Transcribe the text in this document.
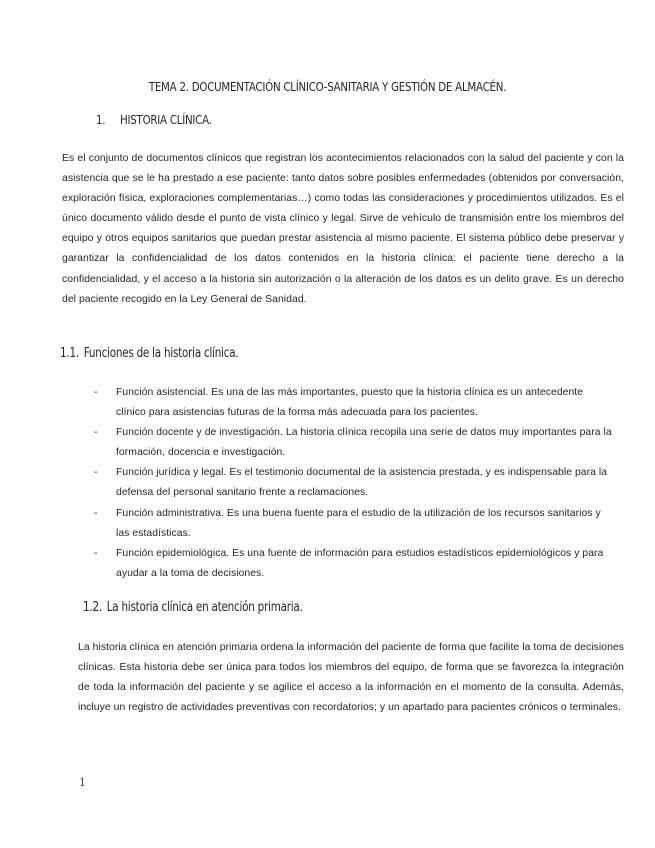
TEMA 2. DOCUMENTACIÓN CLÍNICO-SANITARIA Y GESTIÓN DE ALMACÉN.
1. HISTORIA CLÍNICA.

Es el conjunto de documentos clínicos que registran los acontecimientos relacionados con la salud del paciente y con la asistencia que se le ha prestado a ese paciente: tanto datos sobre posibles enfermedades (obtenidos por conversación, exploración física, exploraciones complementarias…) como todas las consideraciones y procedimientos utilizados. Es el único documento válido desde el punto de vista clínico y legal. Sirve de vehículo de transmisión entre los miembros del equipo y otros equipos sanitarios que puedan prestar asistencia al mismo paciente. El sistema público debe preservar y garantizar la confidencialidad de los datos contenidos en la historia clínica: el paciente tiene derecho a la confidencialidad, y el acceso a la historia sin autorización o la alteración de los datos es un delito grave. Es un derecho del paciente recogido en la Ley General de Sanidad.

1.1. Funciones de la historia clínica.
- Función asistencial. Es una de las más importantes, puesto que la historia clínica es un antecedente clínico para asistencias futuras de la forma más adecuada para los pacientes.
- Función docente y de investigación. La historia clínica recopila una serie de datos muy importantes para la formación, docencia e investigación.
- Función jurídica y legal. Es el testimonio documental de la asistencia prestada, y es indispensable para la defensa del personal sanitario frente a reclamaciones.
- Función administrativa. Es una buena fuente para el estudio de la utilización de los recursos sanitarios y las estadísticas.
- Función epidemiológica. Es una fuente de información para estudios estadísticos epidemiológicos y para ayudar a la toma de decisiones.
1.2. La historia clínica en atención primaria.

La historia clínica en atención primaria ordena la información del paciente de forma que facilite la toma de decisiones clínicas. Esta historia debe ser única para todos los miembros del equipo, de forma que se favorezca la integración de toda la información del paciente y se agilice el acceso a la información en el momento de la consulta. Además, incluye un registro de actividades preventivas con recordatorios; y un apartado para pacientes crónicos o terminales.

1
